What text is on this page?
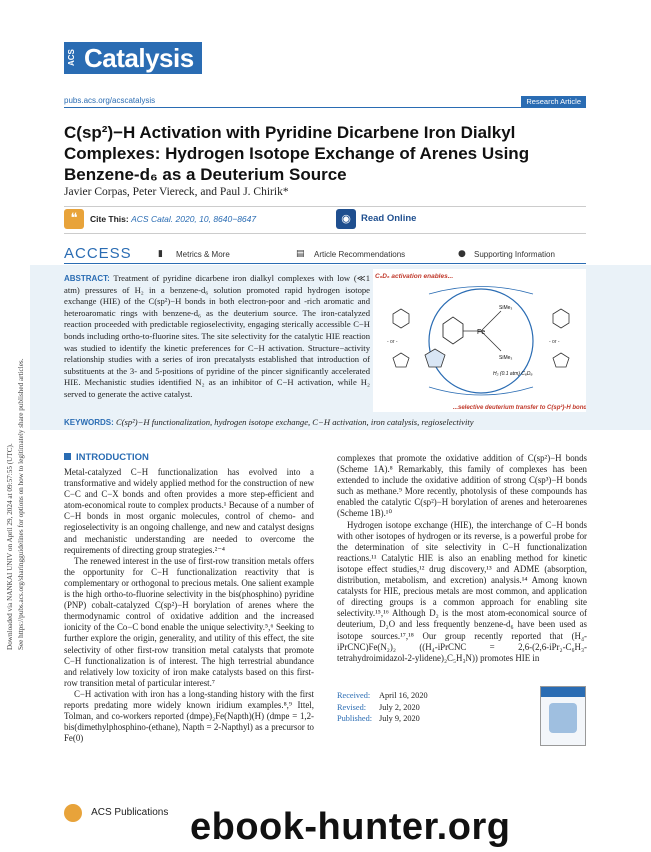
Downloaded via NANKAI UNIV on April 29, 2024 at 09:57:55 (UTC). See https://pubs.acs.org/sharingguidelines for options on how to legitimately share published articles.
ACS Catalysis
pubs.acs.org/acscatalysis	Research Article
C(sp²)−H Activation with Pyridine Dicarbene Iron Dialkyl Complexes: Hydrogen Isotope Exchange of Arenes Using Benzene-d₆ as a Deuterium Source
Javier Corpas, Peter Viereck, and Paul J. Chirik*
❝	Cite This: ACS Catal. 2020, 10, 8640−8647	◉	Read Online
ACCESS	▮ Metrics & More	▤ Article Recommendations	● Supporting Information
ABSTRACT: Treatment of pyridine dicarbene iron dialkyl complexes with low (≪1 atm) pressures of H₂ in a benzene-d₆ solution promoted rapid hydrogen isotope exchange (HIE) of the C(sp²)−H bonds in both electron-poor and -rich aromatic and heteroaromatic rings with benzene-d₆ as the deuterium source. The iron-catalyzed reaction proceeded with predictable regioselectivity, engaging sterically accessible C−H bonds including ortho-to-fluorine sites. The site selectivity for the catalytic HIE reaction was studied to identify the kinetic preferences for C−H activation. Structure−activity relationship studies with a series of iron precatalysts established that introduction of substituents at the 3- and 5-positions of pyridine of the pincer significantly accelerated HIE. Mechanistic studies identified N₂ as an inhibitor of C−H activation, while H₂ served to generate the active catalyst.
C₆D₆ activation enables...
- or -	- or -
Fe
SiMe₃
SiMe₃
H₂ (0.1 atm) C₆D₆
...selective deuterium transfer to C(sp²)-H bonds
KEYWORDS: C(sp²)−H functionalization, hydrogen isotope exchange, C−H activation, iron catalysis, regioselectivity
INTRODUCTION

Metal-catalyzed C−H functionalization has evolved into a transformative and widely applied method for the construction of new C−C and C−X bonds and often provides a more step-efficient and atom-economical route to complex products.¹ Because of a number of C−H bonds in most organic molecules, control of chemo- and regioselectivity is an ongoing challenge, and new and catalyst designs and mechanistic understanding are needed to overcome the requirements of directing group strategies.²⁻⁴

The renewed interest in the use of first-row transition metals offers the opportunity for C−H functionalization reactivity that is complementary or orthogonal to precious metals. One salient example is the high ortho-to-fluorine selectivity in the bis(phosphino) pyridine (PNP) cobalt-catalyzed C(sp²)−H borylation of arenes where the thermodynamic control of oxidative addition and the increased ionicity of the Co−C bond enable the unique selectivity.⁵,⁶ Seeking to further explore the origin, generality, and utility of this effect, the site selectivity of other first-row transition metal catalysts that promote C−H functionalization is of interest. The high terrestrial abundance and relatively low toxicity of iron make catalysts based on this first-row transition metal of particular interest.⁷

C−H activation with iron has a long-standing history with the first reports predating more widely known iridium examples.⁸,⁹ Ittel, Tolman, and co-workers reported (dmpe)₂Fe(Napth)(H) (dmpe = 1,2-bis(dimethylphosphino-(ethane), Napth = 2-Napthyl) as a precursor to Fe(0)

complexes that promote the oxidative addition of C(sp²)−H bonds (Scheme 1A).⁸ Remarkably, this family of complexes has been extended to include the oxidative addition of strong C(sp³)−H bonds such as methane.⁹ More recently, photolysis of these compounds has enabled the catalytic C(sp²)−H borylation of arenes and heteroarenes (Scheme 1B).¹⁰

Hydrogen isotope exchange (HIE), the interchange of C−H bonds with other isotopes of hydrogen or its reverse, is a powerful probe for the determination of site selectivity in C−H functionalization reactions.¹¹ Catalytic HIE is also an enabling method for kinetic isotope effect studies,¹² drug discovery,¹³ and ADME (absorption, distribution, metabolism, and excretion) analysis.¹⁴ Among known catalysts for HIE, precious metals are most common, and application of directing groups is a common approach for enabling site selectivity.¹⁵,¹⁶ Although D₂ is the most atom-economical source of deuterium, D₂O and less frequently benzene-d₆ have been used as isotope sources.¹⁷,¹⁸ Our group recently reported that (H₄-iPrCNC)Fe(N₂)₂ ((H₄-iPrCNC = 2,6-(2,6-iPr₂-C₆H₃-tetrahydroimidazol-2-ylidene)₂C₅H₃N)) promotes HIE in

Received: April 16, 2020
Revised: July 2, 2020
Published: July 9, 2020
ACS Publications ebook-hunter.org
